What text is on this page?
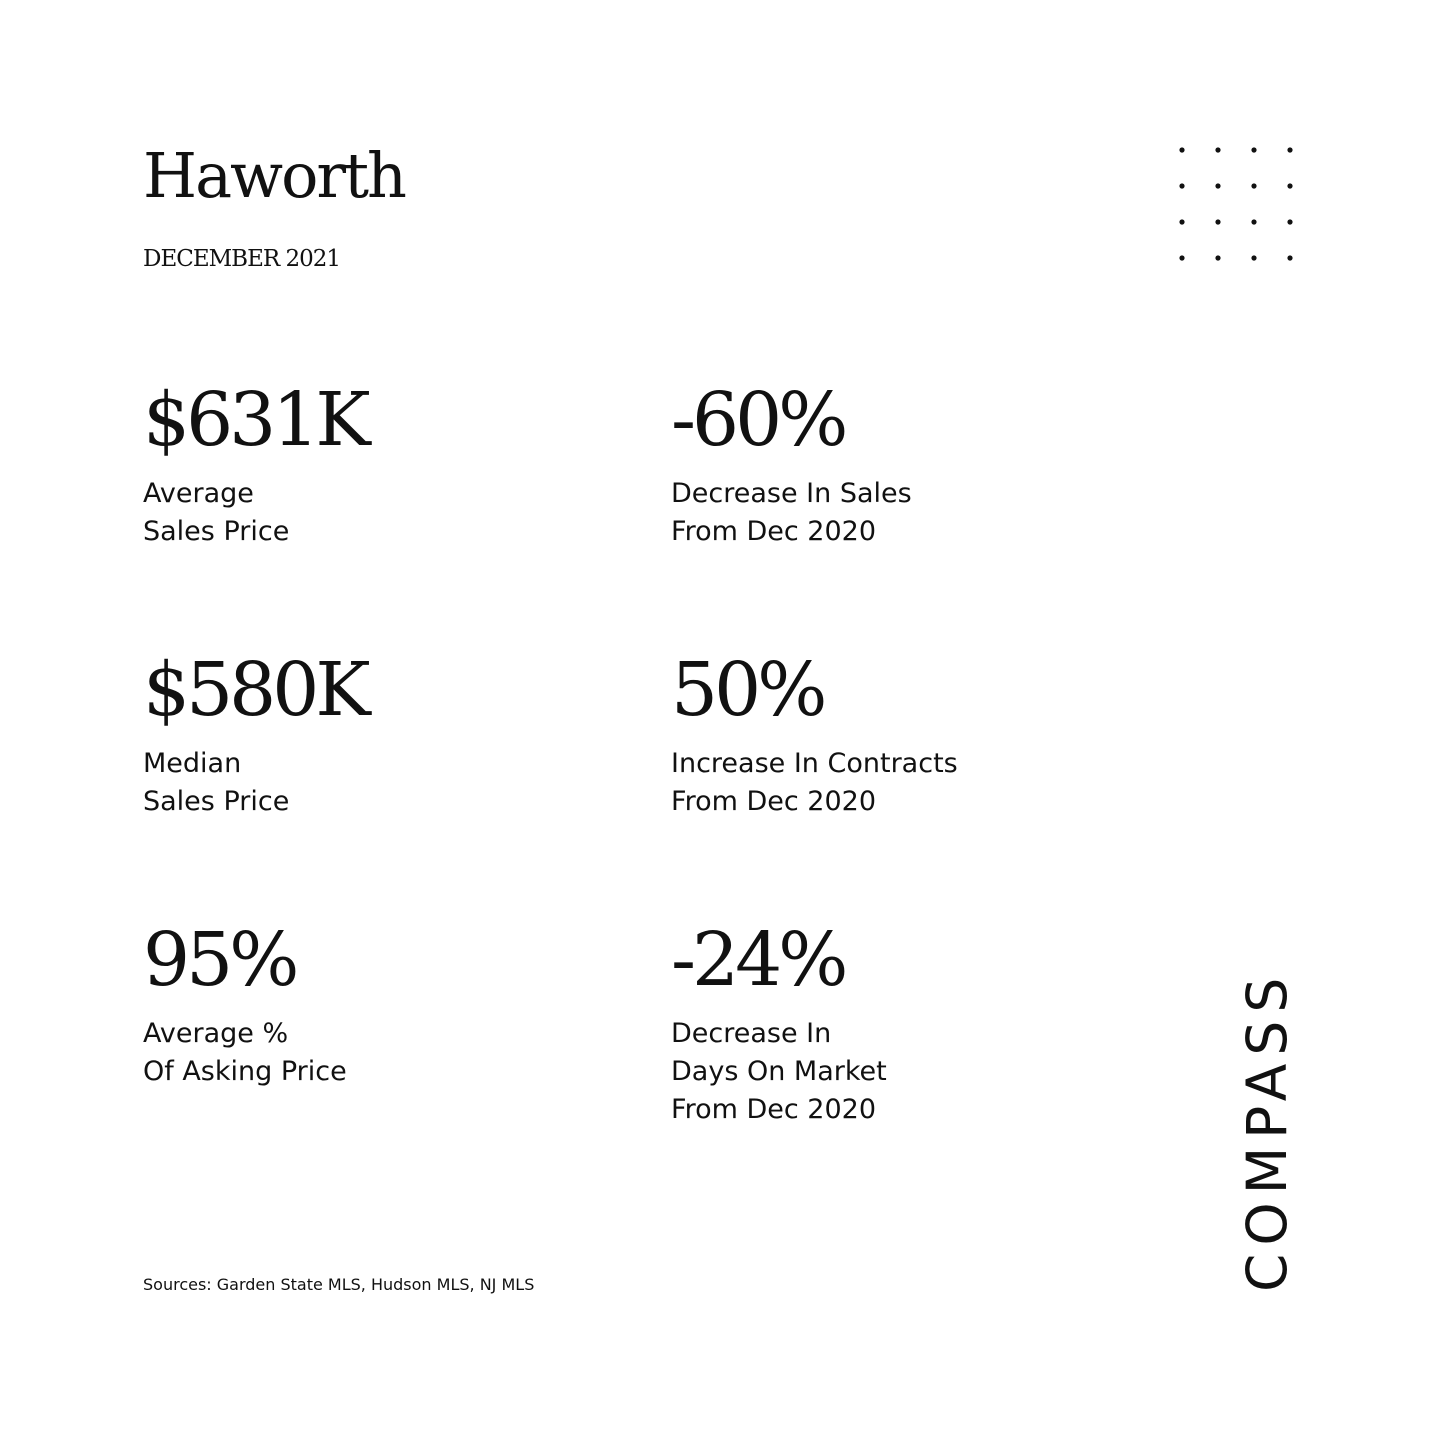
Haworth
DECEMBER 2021
$631K
Average
Sales Price
-60%
Decrease In Sales
From Dec 2020
$580K
Median
Sales Price
50%
Increase In Contracts
From Dec 2020
95%
Average %
Of Asking Price
-24%
Decrease In
Days On Market
From Dec 2020
Sources: Garden State MLS, Hudson MLS, NJ MLS	COMPASS
